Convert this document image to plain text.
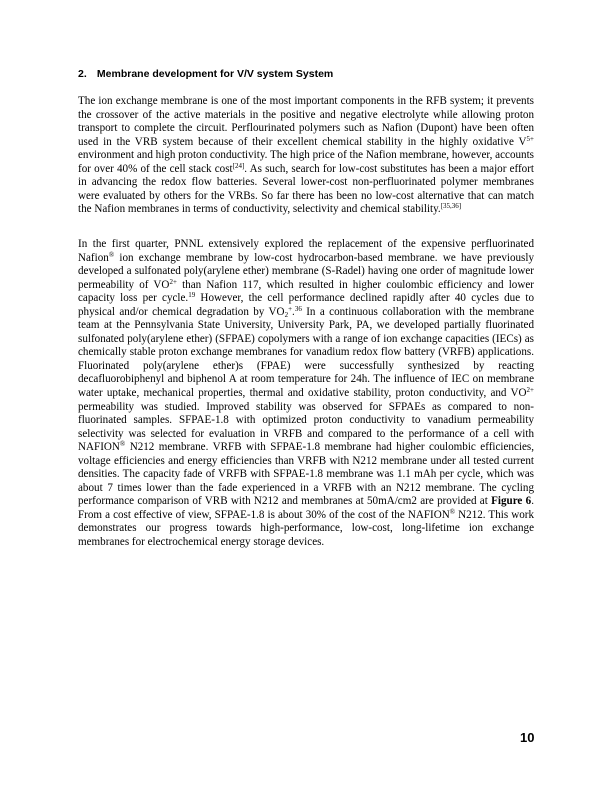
2. Membrane development for V/V system System

The ion exchange membrane is one of the most important components in the RFB system; it prevents the crossover of the active materials in the positive and negative electrolyte while allowing proton transport to complete the circuit. Perflourinated polymers such as Nafion (Dupont) have been often used in the VRB system because of their excellent chemical stability in the highly oxidative $V^{5+}$ environment and high proton conductivity. The high price of the Nafion membrane, however, accounts for over 40% of the cell stack cost[24]. As such, search for low-cost substitutes has been a major effort in advancing the redox flow batteries. Several lower-cost non-perfluorinated polymer membranes were evaluated by others for the VRBs. So far there has been no low-cost alternative that can match the Nafion membranes in terms of conductivity, selectivity and chemical stability.[35,36]

In the first quarter, PNNL extensively explored the replacement of the expensive perfluorinated Nafion® ion exchange membrane by low-cost hydrocarbon-based membrane. we have previously developed a sulfonated poly(arylene ether) membrane (S-Radel) having one order of magnitude lower permeability of $VO^{2+}$ than Nafion 117, which resulted in higher coulombic efficiency and lower capacity loss per cycle.$^{19}$ However, the cell performance declined rapidly after 40 cycles due to physical and/or chemical degradation by $VO_2^+.^{36}$ In a continuous collaboration with the membrane team at the Pennsylvania State University, University Park, PA, we developed partially fluorinated sulfonated poly(arylene ether) (SFPAE) copolymers with a range of ion exchange capacities (IECs) as chemically stable proton exchange membranes for vanadium redox flow battery (VRFB) applications. Fluorinated poly(arylene ether)s (FPAE) were successfully synthesized by reacting decafluorobiphenyl and biphenol A at room temperature for 24h. The influence of IEC on membrane water uptake, mechanical properties, thermal and oxidative stability, proton conductivity, and $VO^{2+}$ permeability was studied. Improved stability was observed for SFPAEs as compared to non-fluorinated samples. SFPAE-1.8 with optimized proton conductivity to vanadium permeability selectivity was selected for evaluation in VRFB and compared to the performance of a cell with NAFION® N212 membrane. VRFB with SFPAE-1.8 membrane had higher coulombic efficiencies, voltage efficiencies and energy efficiencies than VRFB with N212 membrane under all tested current densities. The capacity fade of VRFB with SFPAE-1.8 membrane was 1.1 mAh per cycle, which was about 7 times lower than the fade experienced in a VRFB with an N212 membrane. The cycling performance comparison of VRB with N212 and membranes at 50mA/cm2 are provided at Figure 6. From a cost effective of view, SFPAE-1.8 is about 30% of the cost of the NAFION® N212. This work demonstrates our progress towards high-performance, low-cost, long-lifetime ion exchange membranes for electrochemical energy storage devices.

10
